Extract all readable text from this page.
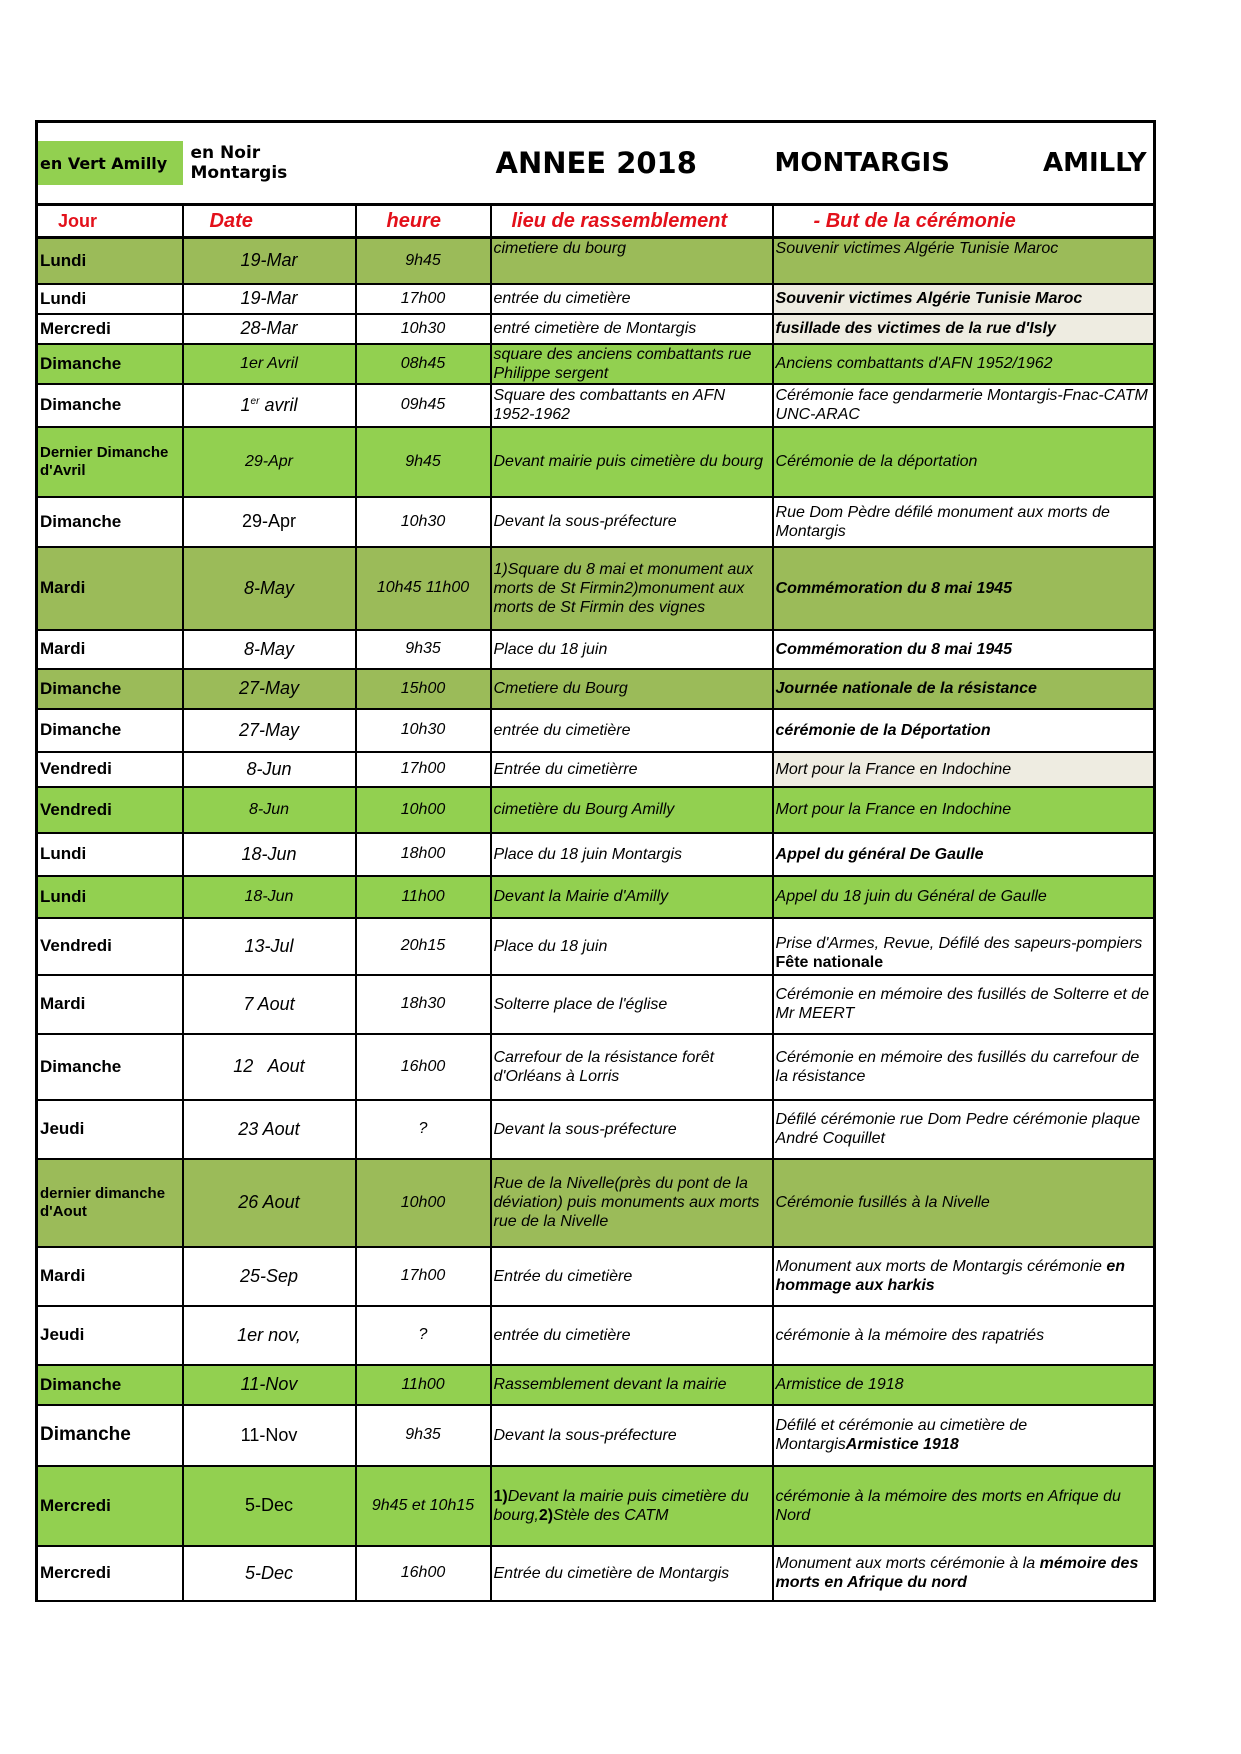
en Vert Amilly	en Noir Montargis	ANNEE 2018		MONTARGIS AMILLY
Jour	Date	heure	lieu de rassemblement	- But de la cérémonie
Lundi	19-Mar	9h45	cimetiere du bourg	Souvenir victimes Algérie Tunisie Maroc
Lundi	19-Mar	17h00	entrée du cimetière	Souvenir victimes Algérie Tunisie Maroc
Mercredi	28-Mar	10h30	entré cimetière de Montargis	fusillade des victimes de la rue d'Isly
Dimanche	1er Avril	08h45	square des anciens combattants rue Philippe sergent	Anciens combattants d'AFN 1952/1962
Dimanche	1er avril	09h45	Square des combattants en AFN 1952-1962	Cérémonie face gendarmerie Montargis-Fnac-CATM UNC-ARAC
Dernier Dimanche d'Avril	29-Apr	9h45	Devant mairie puis cimetière du bourg	Cérémonie de la déportation
Dimanche	29-Apr	10h30	Devant la sous-préfecture	Rue Dom Pèdre défilé monument aux morts de Montargis
Mardi	8-May	10h45 11h00	1)Square du 8 mai et monument aux morts de St Firmin2)monument aux morts de St Firmin des vignes	Commémoration du 8 mai 1945
Mardi	8-May	9h35	Place du 18 juin	Commémoration du 8 mai 1945
Dimanche	27-May	15h00	Cmetiere du Bourg	Journée nationale de la résistance
Dimanche	27-May	10h30	entrée du cimetière	cérémonie de la Déportation
Vendredi	8-Jun	17h00	Entrée du cimetièrre	Mort pour la France en Indochine
Vendredi	8-Jun	10h00	cimetière du Bourg Amilly	Mort pour la France en Indochine
Lundi	18-Jun	18h00	Place du 18 juin Montargis	Appel du général De Gaulle
Lundi	18-Jun	11h00	Devant la Mairie d'Amilly	Appel du 18 juin du Général de Gaulle
Vendredi	13-Jul	20h15	Place du 18 juin	Prise d'Armes, Revue, Défilé des sapeurs-pompiers
Fête nationale

Mardi	7 Aout	18h30	Solterre place de l'église	Cérémonie en mémoire des fusillés de Solterre et de Mr MEERT
Dimanche	12   Aout	16h00	Carrefour de la résistance forêt d'Orléans à Lorris	Cérémonie en mémoire des fusillés du carrefour de la résistance
Jeudi	23 Aout	?	Devant la sous-préfecture	Défilé cérémonie rue Dom Pedre cérémonie plaque André Coquillet
dernier dimanche d'Aout	26 Aout	10h00	Rue de la Nivelle(près du pont de la déviation) puis monuments aux morts rue de la Nivelle	Cérémonie fusillés à la Nivelle
Mardi	25-Sep	17h00	Entrée du cimetière	Monument aux morts de Montargis cérémonie en hommage aux harkis
Jeudi	1er nov,	?	entrée du cimetière	cérémonie à la mémoire des rapatriés
Dimanche	11-Nov	11h00	Rassemblement devant la mairie	Armistice de 1918
Dimanche	11-Nov	9h35	Devant la sous-préfecture	Défilé et cérémonie au cimetière de MontargisArmistice 1918
Mercredi	5-Dec	9h45 et 10h15	1)Devant la mairie puis cimetière du bourg,2)Stèle des CATM	cérémonie à la mémoire des morts en Afrique du Nord
Mercredi	5-Dec	16h00	Entrée du cimetière de Montargis	Monument aux morts cérémonie à la mémoire des morts en Afrique du nord
